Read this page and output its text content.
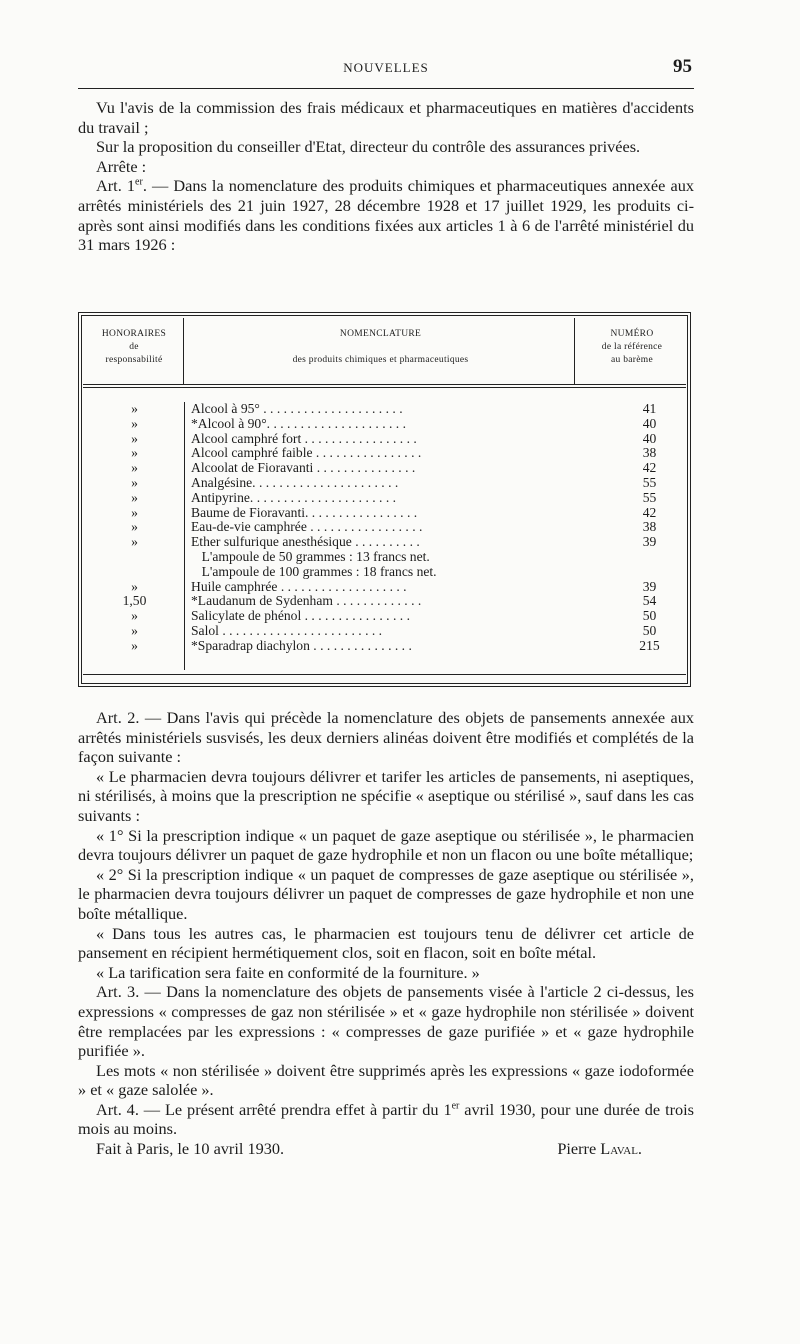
NOUVELLES	95

Vu l'avis de la commission des frais médicaux et pharmaceutiques en matières d'accidents du travail ;

Sur la proposition du conseiller d'Etat, directeur du contrôle des assurances privées.

Arrête :

Art. 1er. — Dans la nomenclature des produits chimiques et pharmaceutiques annexée aux arrêtés ministériels des 21 juin 1927, 28 décembre 1928 et 17 juillet 1929, les produits ci-après sont ainsi modifiés dans les conditions fixées aux articles 1 à 6 de l'arrêté ministériel du 31 mars 1926 :

HONORAIRES
de
responsabilité
NOMENCLATURE

des produits chimiques et pharmaceutiques
NUMÉRO
de la référence
au barème
»	Alcool à 95° . . . . . . . . . . . . . . . . . . . . .	41
»	*Alcool à 90°. . . . . . . . . . . . . . . . . . . . .	40
»	Alcool camphré fort . . . . . . . . . . . . . . . . .	40
»	Alcool camphré faible . . . . . . . . . . . . . . . .	38
»	Alcoolat de Fioravanti . . . . . . . . . . . . . . .	42
»	Analgésine. . . . . . . . . . . . . . . . . . . . . .	55
»	Antipyrine. . . . . . . . . . . . . . . . . . . . . .	55
»	Baume de Fioravanti. . . . . . . . . . . . . . . . .	42
»	Eau-de-vie camphrée . . . . . . . . . . . . . . . . .	38
»	Ether sulfurique anesthésique . . . . . . . . . .	39
L'ampoule de 50 grammes : 13 francs net.
L'ampoule de 100 grammes : 18 francs net.
»	Huile camphrée . . . . . . . . . . . . . . . . . . .	39
1,50	*Laudanum de Sydenham . . . . . . . . . . . . .	54
»	Salicylate de phénol . . . . . . . . . . . . . . . .	50
»	Salol . . . . . . . . . . . . . . . . . . . . . . . .	50
»	*Sparadrap diachylon . . . . . . . . . . . . . . .	215

Art. 2. — Dans l'avis qui précède la nomenclature des objets de pansements annexée aux arrêtés ministériels susvisés, les deux derniers alinéas doivent être modifiés et complétés de la façon suivante :

« Le pharmacien devra toujours délivrer et tarifer les articles de pansements, ni aseptiques, ni stérilisés, à moins que la prescription ne spécifie « aseptique ou stérilisé », sauf dans les cas suivants :

« 1° Si la prescription indique « un paquet de gaze aseptique ou stérilisée », le pharmacien devra toujours délivrer un paquet de gaze hydrophile et non un flacon ou une boîte métallique;

« 2° Si la prescription indique « un paquet de compresses de gaze aseptique ou stérilisée », le pharmacien devra toujours délivrer un paquet de compresses de gaze hydrophile et non une boîte métallique.

« Dans tous les autres cas, le pharmacien est toujours tenu de délivrer cet article de pansement en récipient hermétiquement clos, soit en flacon, soit en boîte métal.

« La tarification sera faite en conformité de la fourniture. »

Art. 3. — Dans la nomenclature des objets de pansements visée à l'article 2 ci-dessus, les expressions « compresses de gaz non stérilisée » et « gaze hydrophile non stérilisée » doivent être remplacées par les expressions : « compresses de gaze purifiée » et « gaze hydrophile purifiée ».

Les mots « non stérilisée » doivent être supprimés après les expressions « gaze iodoformée » et « gaze salolée ».

Art. 4. — Le présent arrêté prendra effet à partir du 1er avril 1930, pour une durée de trois mois au moins.

Fait à Paris, le 10 avril 1930.	Pierre Laval.
